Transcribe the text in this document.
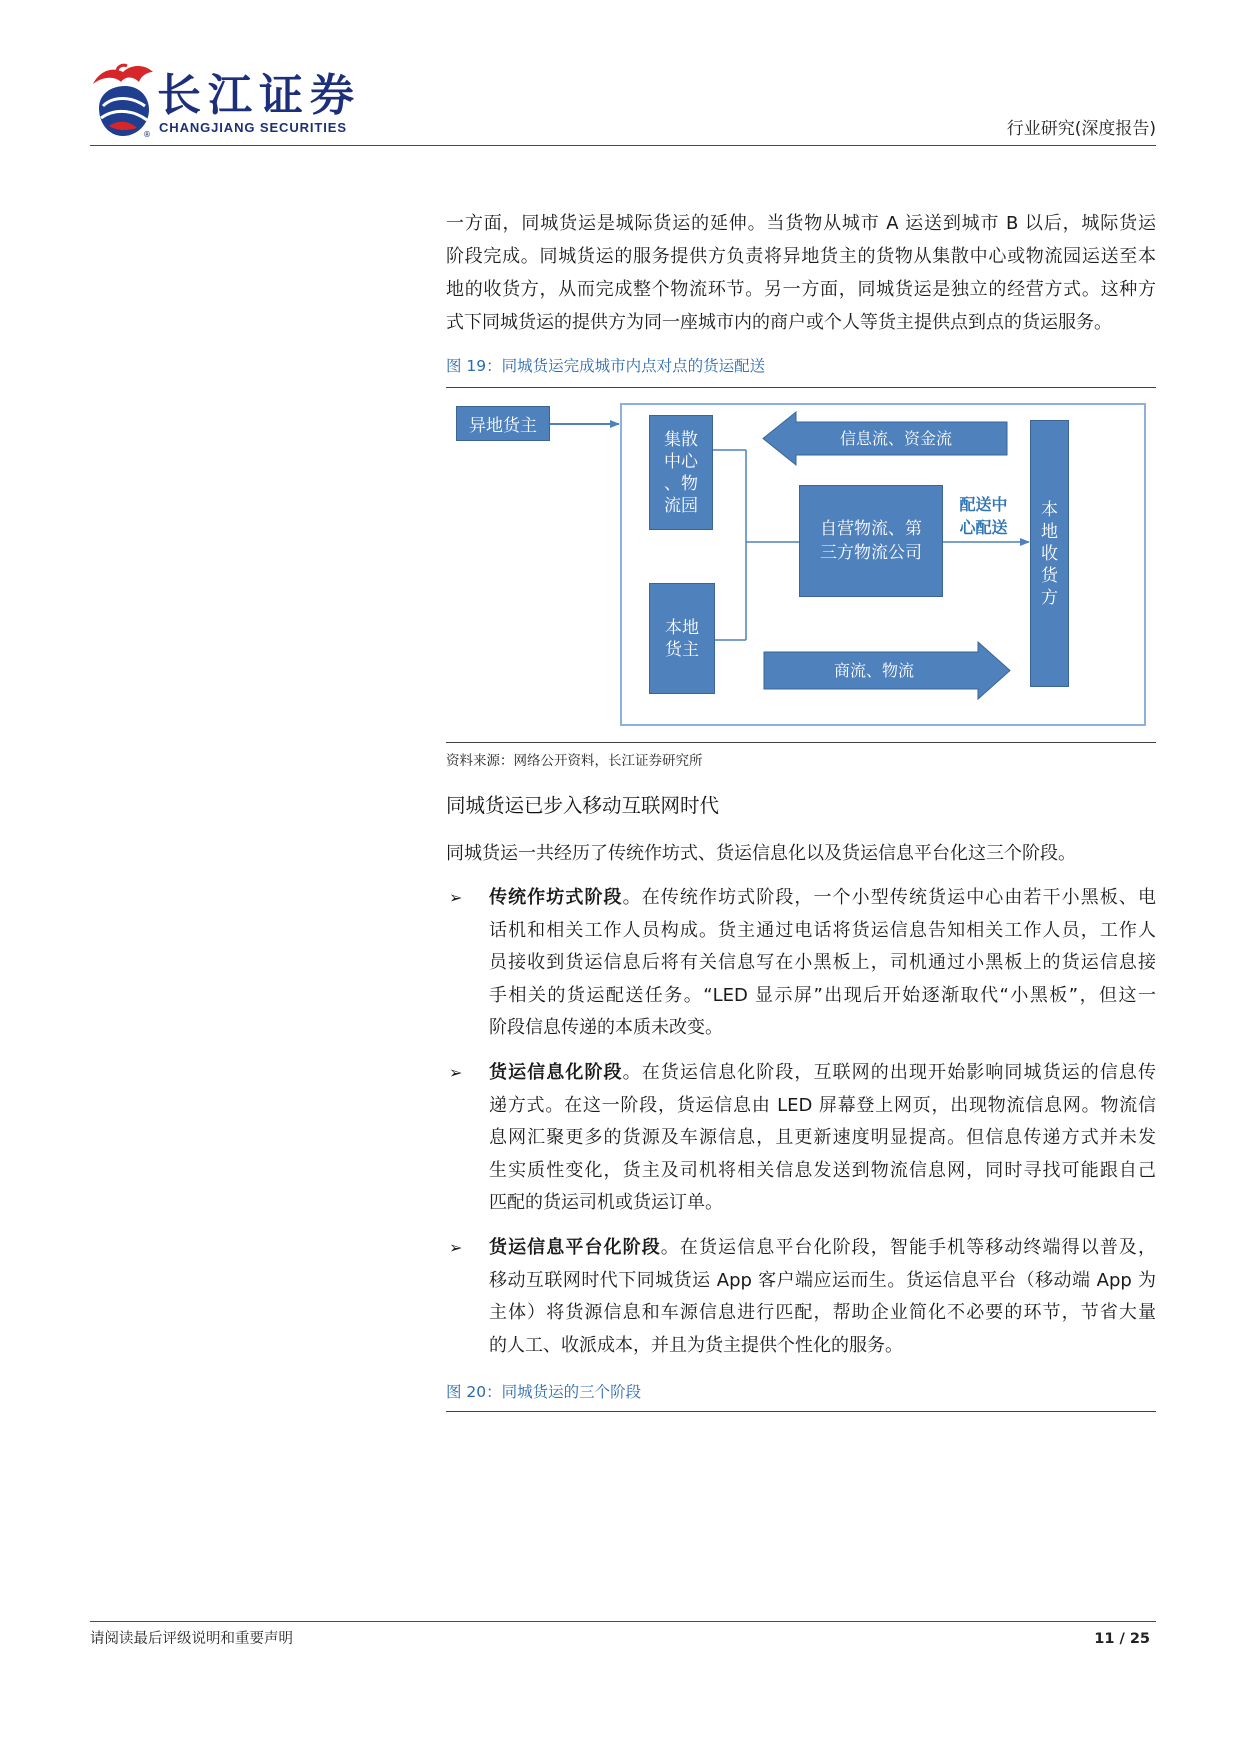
长江证券
CHANGJIANG SECURITIES
®	行业研究(深度报告)
一方面，同城货运是城际货运的延伸。当货物从城市 A 运送到城市 B 以后，城际货运
阶段完成。同城货运的服务提供方负责将异地货主的货物从集散中心或物流园运送至本
地的收货方，从而完成整个物流环节。另一方面，同城货运是独立的经营方式。这种方
式下同城货运的提供方为同一座城市内的商户或个人等货主提供点到点的货运服务。
图 19：同城货运完成城市内点对点的货运配送
信息流、资金流
商流、物流
异地货主
集散
中心
、物
流园
本地
货主
自营物流、第
三方物流公司
配送中
心配送
本
地
收
货
方
资料来源：网络公开资料，长江证券研究所
同城货运已步入移动互联网时代
同城货运一共经历了传统作坊式、货运信息化以及货运信息平台化这三个阶段。
➢ 传统作坊式阶段。在传统作坊式阶段，一个小型传统货运中心由若干小黑板、电
话机和相关工作人员构成。货主通过电话将货运信息告知相关工作人员，工作人
员接收到货运信息后将有关信息写在小黑板上，司机通过小黑板上的货运信息接
手相关的货运配送任务。“LED 显示屏”出现后开始逐渐取代“小黑板”，但这一
阶段信息传递的本质未改变。
➢ 货运信息化阶段。在货运信息化阶段，互联网的出现开始影响同城货运的信息传
递方式。在这一阶段，货运信息由 LED 屏幕登上网页，出现物流信息网。物流信
息网汇聚更多的货源及车源信息，且更新速度明显提高。但信息传递方式并未发
生实质性变化，货主及司机将相关信息发送到物流信息网，同时寻找可能跟自己
匹配的货运司机或货运订单。
➢ 货运信息平台化阶段。在货运信息平台化阶段，智能手机等移动终端得以普及，
移动互联网时代下同城货运 App 客户端应运而生。货运信息平台（移动端 App 为
主体）将货源信息和车源信息进行匹配，帮助企业简化不必要的环节，节省大量
的人工、收派成本，并且为货主提供个性化的服务。
图 20：同城货运的三个阶段
请阅读最后评级说明和重要声明	11 / 25
